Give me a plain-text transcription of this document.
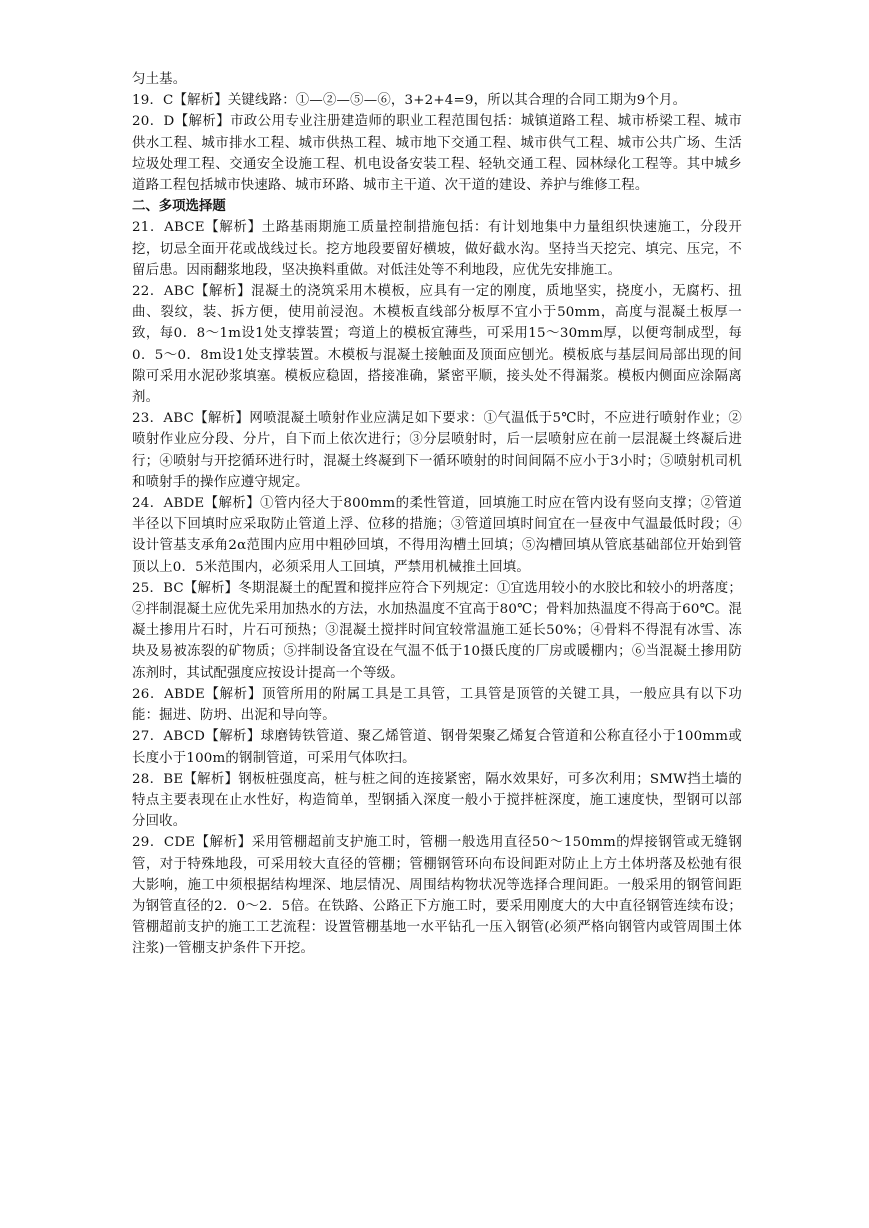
匀土基。

19．C【解析】关键线路：①—②—⑤—⑥，3+2+4=9，所以其合理的合同工期为9个月。

20．D【解析】市政公用专业注册建造师的职业工程范围包括：城镇道路工程、城市桥梁工程、城市供水工程、城市排水工程、城市供热工程、城市地下交通工程、城市供气工程、城市公共广场、生活垃圾处理工程、交通安全设施工程、机电设备安装工程、轻轨交通工程、园林绿化工程等。其中城乡道路工程包括城市快速路、城市环路、城市主干道、次干道的建设、养护与维修工程。

二、多项选择题

21．ABCE【解析】土路基雨期施工质量控制措施包括：有计划地集中力量组织快速施工，分段开挖，切忌全面开花或战线过长。挖方地段要留好横坡，做好截水沟。坚持当天挖完、填完、压完，不留后患。因雨翻浆地段，坚决换料重做。对低洼处等不利地段，应优先安排施工。

22．ABC【解析】混凝土的浇筑采用木模板，应具有一定的刚度，质地坚实，挠度小，无腐朽、扭曲、裂纹，装、拆方便，使用前浸泡。木模板直线部分板厚不宜小于50mm，高度与混凝土板厚一致，每0．8～1m设1处支撑装置；弯道上的模板宜薄些，可采用15～30mm厚，以便弯制成型，每0．5～0．8m设1处支撑装置。木模板与混凝土接触面及顶面应刨光。模板底与基层间局部出现的间隙可采用水泥砂浆填塞。模板应稳固，搭接准确，紧密平顺，接头处不得漏浆。模板内侧面应涂隔离剂。

23．ABC【解析】网喷混凝土喷射作业应满足如下要求：①气温低于5℃时，不应进行喷射作业；②喷射作业应分段、分片，自下而上依次进行；③分层喷射时，后一层喷射应在前一层混凝土终凝后进行；④喷射与开挖循环进行时，混凝土终凝到下一循环喷射的时间间隔不应小于3小时；⑤喷射机司机和喷射手的操作应遵守规定。

24．ABDE【解析】①管内径大于800mm的柔性管道，回填施工时应在管内设有竖向支撑；②管道半径以下回填时应采取防止管道上浮、位移的措施；③管道回填时间宜在一昼夜中气温最低时段；④设计管基支承角2α范围内应用中粗砂回填，不得用沟槽土回填；⑤沟槽回填从管底基础部位开始到管顶以上0．5米范围内，必须采用人工回填，严禁用机械推土回填。

25．BC【解析】冬期混凝土的配置和搅拌应符合下列规定：①宜选用较小的水胶比和较小的坍落度；②拌制混凝土应优先采用加热水的方法，水加热温度不宜高于80℃；骨料加热温度不得高于60℃。混凝土掺用片石时，片石可预热；③混凝土搅拌时间宜较常温施工延长50%；④骨料不得混有冰雪、冻块及易被冻裂的矿物质；⑤拌制设备宜设在气温不低于10摄氏度的厂房或暖棚内；⑥当混凝土掺用防冻剂时，其试配强度应按设计提高一个等级。

26．ABDE【解析】顶管所用的附属工具是工具管，工具管是顶管的关键工具，一般应具有以下功能：掘进、防坍、出泥和导向等。

27．ABCD【解析】球磨铸铁管道、聚乙烯管道、钢骨架聚乙烯复合管道和公称直径小于100mm或长度小于100m的钢制管道，可采用气体吹扫。

28．BE【解析】钢板桩强度高，桩与桩之间的连接紧密，隔水效果好，可多次利用；SMW挡土墙的特点主要表现在止水性好，构造简单，型钢插入深度一般小于搅拌桩深度，施工速度快，型钢可以部分回收。

29．CDE【解析】采用管棚超前支护施工时，管棚一般选用直径50～150mm的焊接钢管或无缝钢管，对于特殊地段，可采用较大直径的管棚；管棚钢管环向布设间距对防止上方土体坍落及松弛有很大影响，施工中须根据结构埋深、地层情况、周围结构物状况等选择合理间距。一般采用的钢管间距为钢管直径的2．0～2．5倍。在铁路、公路正下方施工时，要采用刚度大的大中直径钢管连续布设；管棚超前支护的施工工艺流程：设置管棚基地一水平钻孔一压入钢管(必须严格向钢管内或管周围土体注浆)一管棚支护条件下开挖。
